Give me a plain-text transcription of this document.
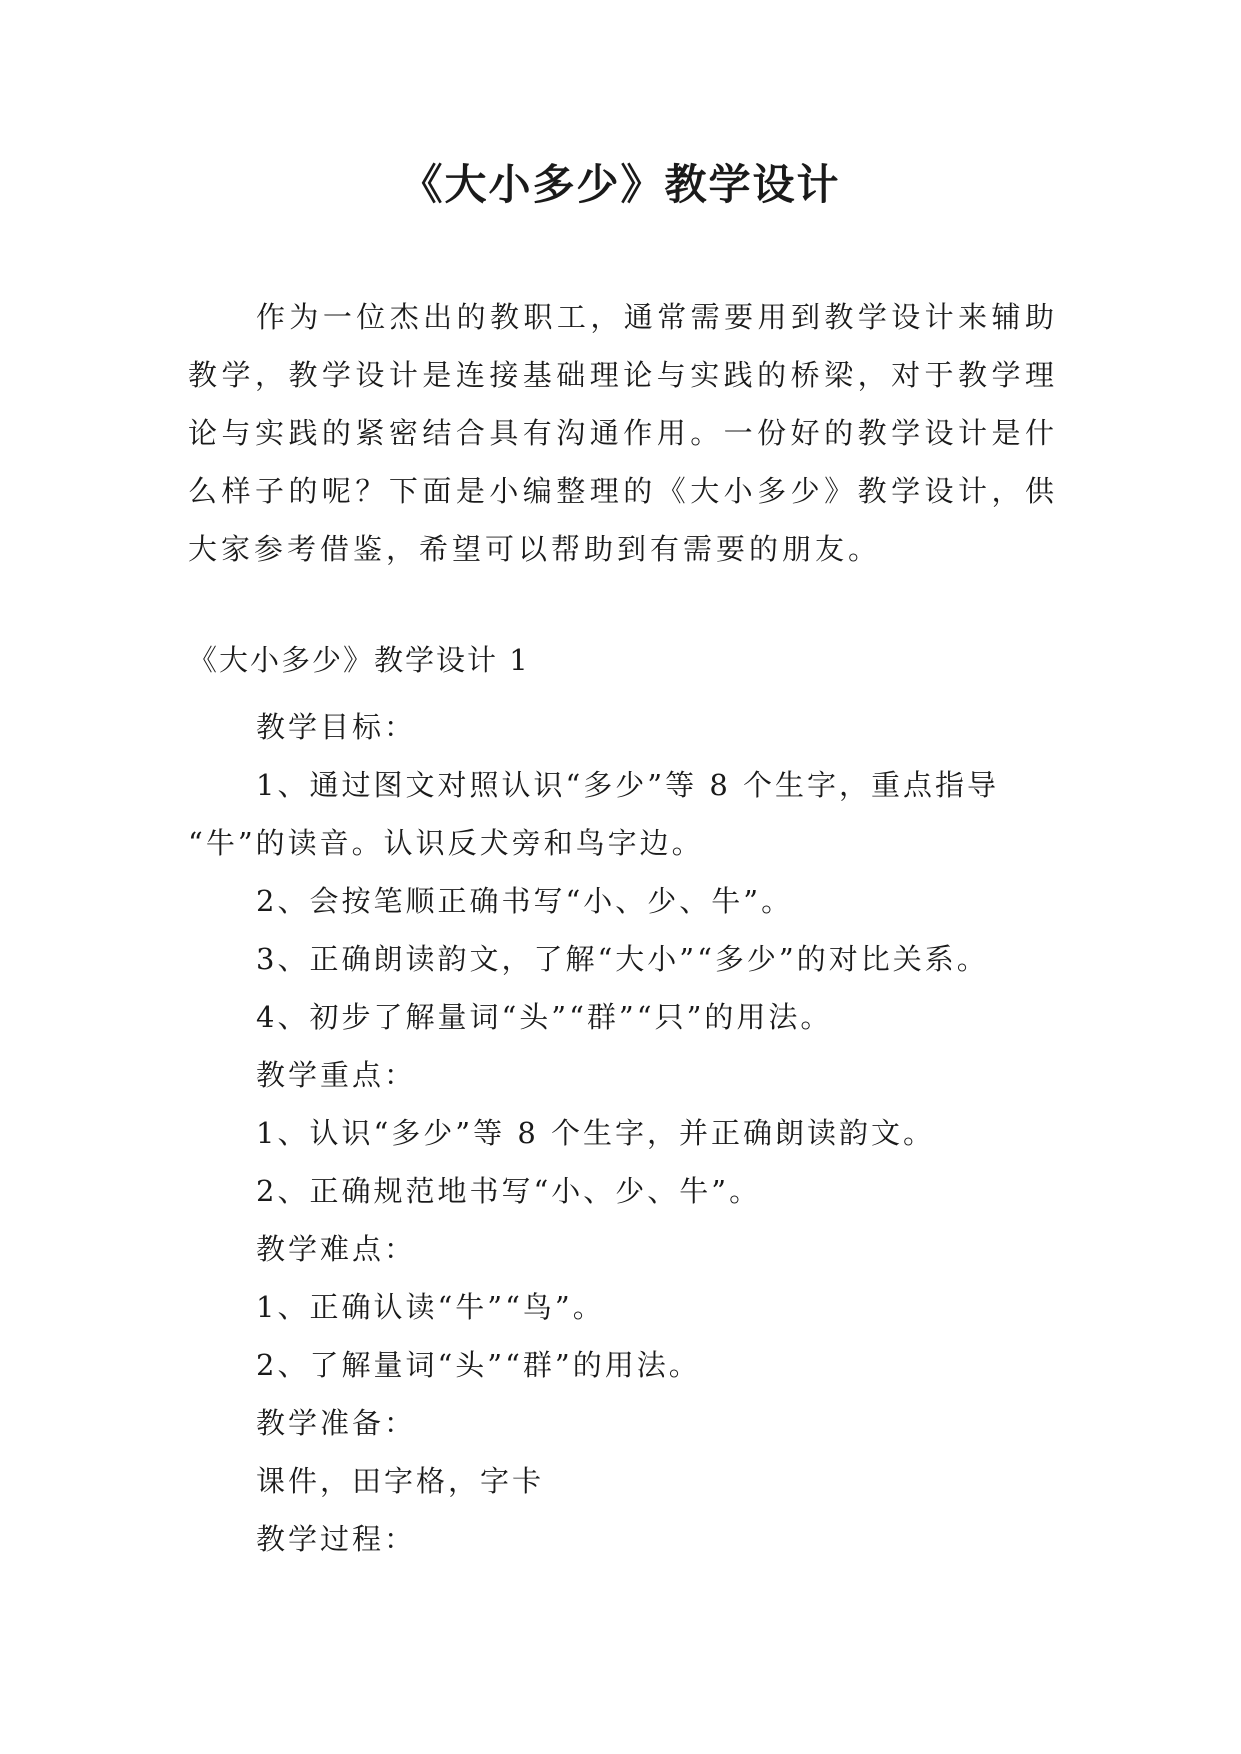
《大小多少》教学设计

作为一位杰出的教职工，通常需要用到教学设计来辅助教学，教学设计是连接基础理论与实践的桥梁，对于教学理论与实践的紧密结合具有沟通作用。一份好的教学设计是什么样子的呢？下面是小编整理的《大小多少》教学设计，供大家参考借鉴，希望可以帮助到有需要的朋友。

《大小多少》教学设计 1

教学目标：

1、通过图文对照认识“多少”等 8 个生字，重点指导

“牛”的读音。认识反犬旁和鸟字边。

2、会按笔顺正确书写“小、少、牛”。

3、正确朗读韵文，了解“大小”“多少”的对比关系。

4、初步了解量词“头”“群”“只”的用法。

教学重点：

1、认识“多少”等 8 个生字，并正确朗读韵文。

2、正确规范地书写“小、少、牛”。

教学难点：

1、正确认读“牛”“鸟”。

2、了解量词“头”“群”的用法。

教学准备：

课件，田字格，字卡

教学过程：
